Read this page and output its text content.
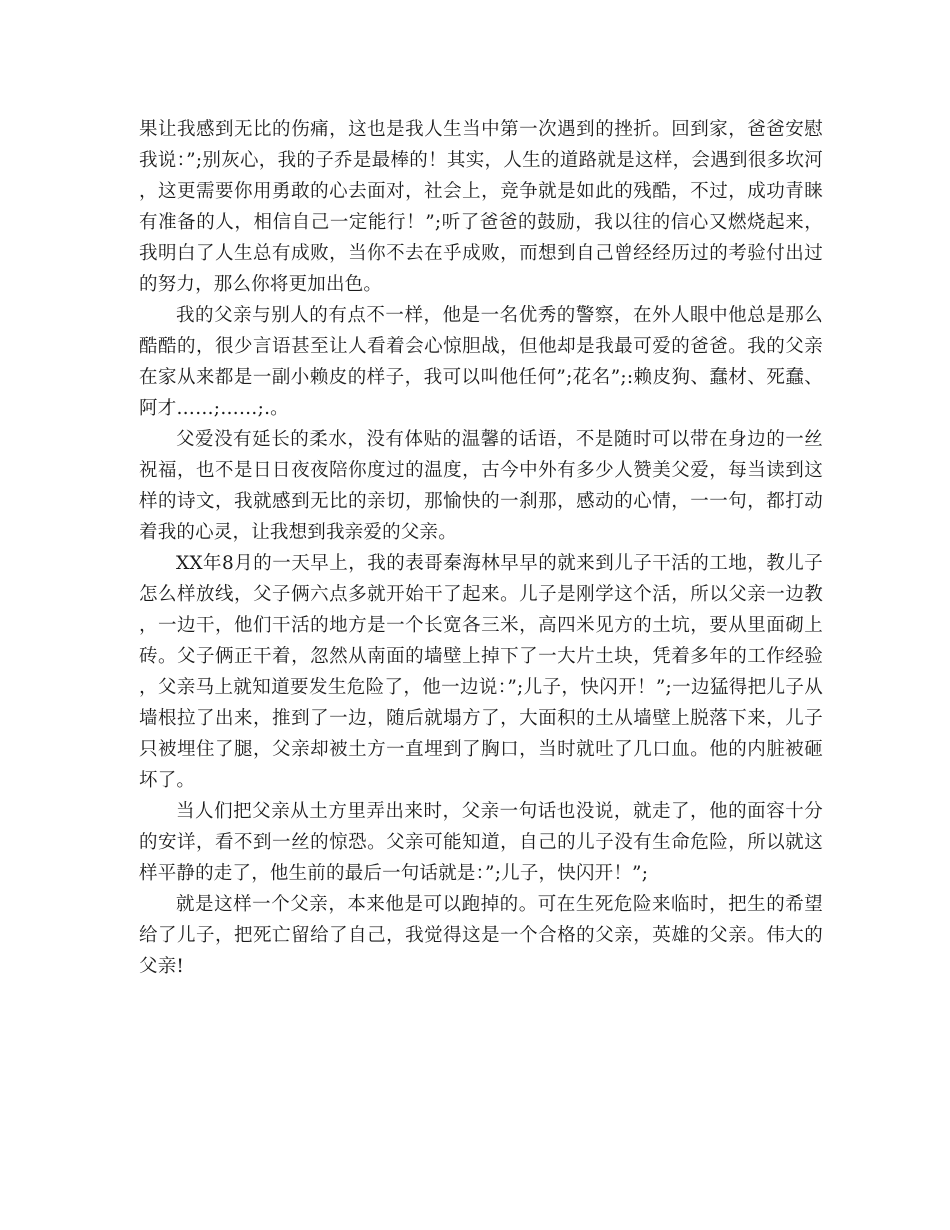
果让我感到无比的伤痛，这也是我人生当中第一次遇到的挫折。回到家，爸爸安慰我说：”;别灰心，我的子乔是最棒的！其实，人生的道路就是这样，会遇到很多坎河，这更需要你用勇敢的心去面对，社会上，竞争就是如此的残酷，不过，成功青睐有准备的人，相信自己一定能行！”;听了爸爸的鼓励，我以往的信心又燃烧起来，我明白了人生总有成败，当你不去在乎成败，而想到自己曾经经历过的考验付出过的努力，那么你将更加出色。

我的父亲与别人的有点不一样，他是一名优秀的警察，在外人眼中他总是那么酷酷的，很少言语甚至让人看着会心惊胆战，但他却是我最可爱的爸爸。我的父亲在家从来都是一副小赖皮的样子，我可以叫他任何”;花名”;:赖皮狗、蠢材、死蠢、阿才……;……;.。

父爱没有延长的柔水，没有体贴的温馨的话语，不是随时可以带在身边的一丝祝福，也不是日日夜夜陪你度过的温度，古今中外有多少人赞美父爱，每当读到这样的诗文，我就感到无比的亲切，那愉快的一刹那，感动的心情，一一句，都打动着我的心灵，让我想到我亲爱的父亲。

XX年8月的一天早上，我的表哥秦海林早早的就来到儿子干活的工地，教儿子怎么样放线，父子俩六点多就开始干了起来。儿子是刚学这个活，所以父亲一边教，一边干，他们干活的地方是一个长宽各三米，高四米见方的土坑，要从里面砌上砖。父子俩正干着，忽然从南面的墙壁上掉下了一大片土块，凭着多年的工作经验，父亲马上就知道要发生危险了，他一边说：”;儿子，快闪开！”;一边猛得把儿子从墙根拉了出来，推到了一边，随后就塌方了，大面积的土从墙壁上脱落下来，儿子只被埋住了腿，父亲却被土方一直埋到了胸口，当时就吐了几口血。他的内脏被砸坏了。

当人们把父亲从土方里弄出来时，父亲一句话也没说，就走了，他的面容十分的安详，看不到一丝的惊恐。父亲可能知道，自己的儿子没有生命危险，所以就这样平静的走了，他生前的最后一句话就是：”;儿子，快闪开！”;

就是这样一个父亲，本来他是可以跑掉的。可在生死危险来临时，把生的希望给了儿子，把死亡留给了自己，我觉得这是一个合格的父亲，英雄的父亲。伟大的父亲!
